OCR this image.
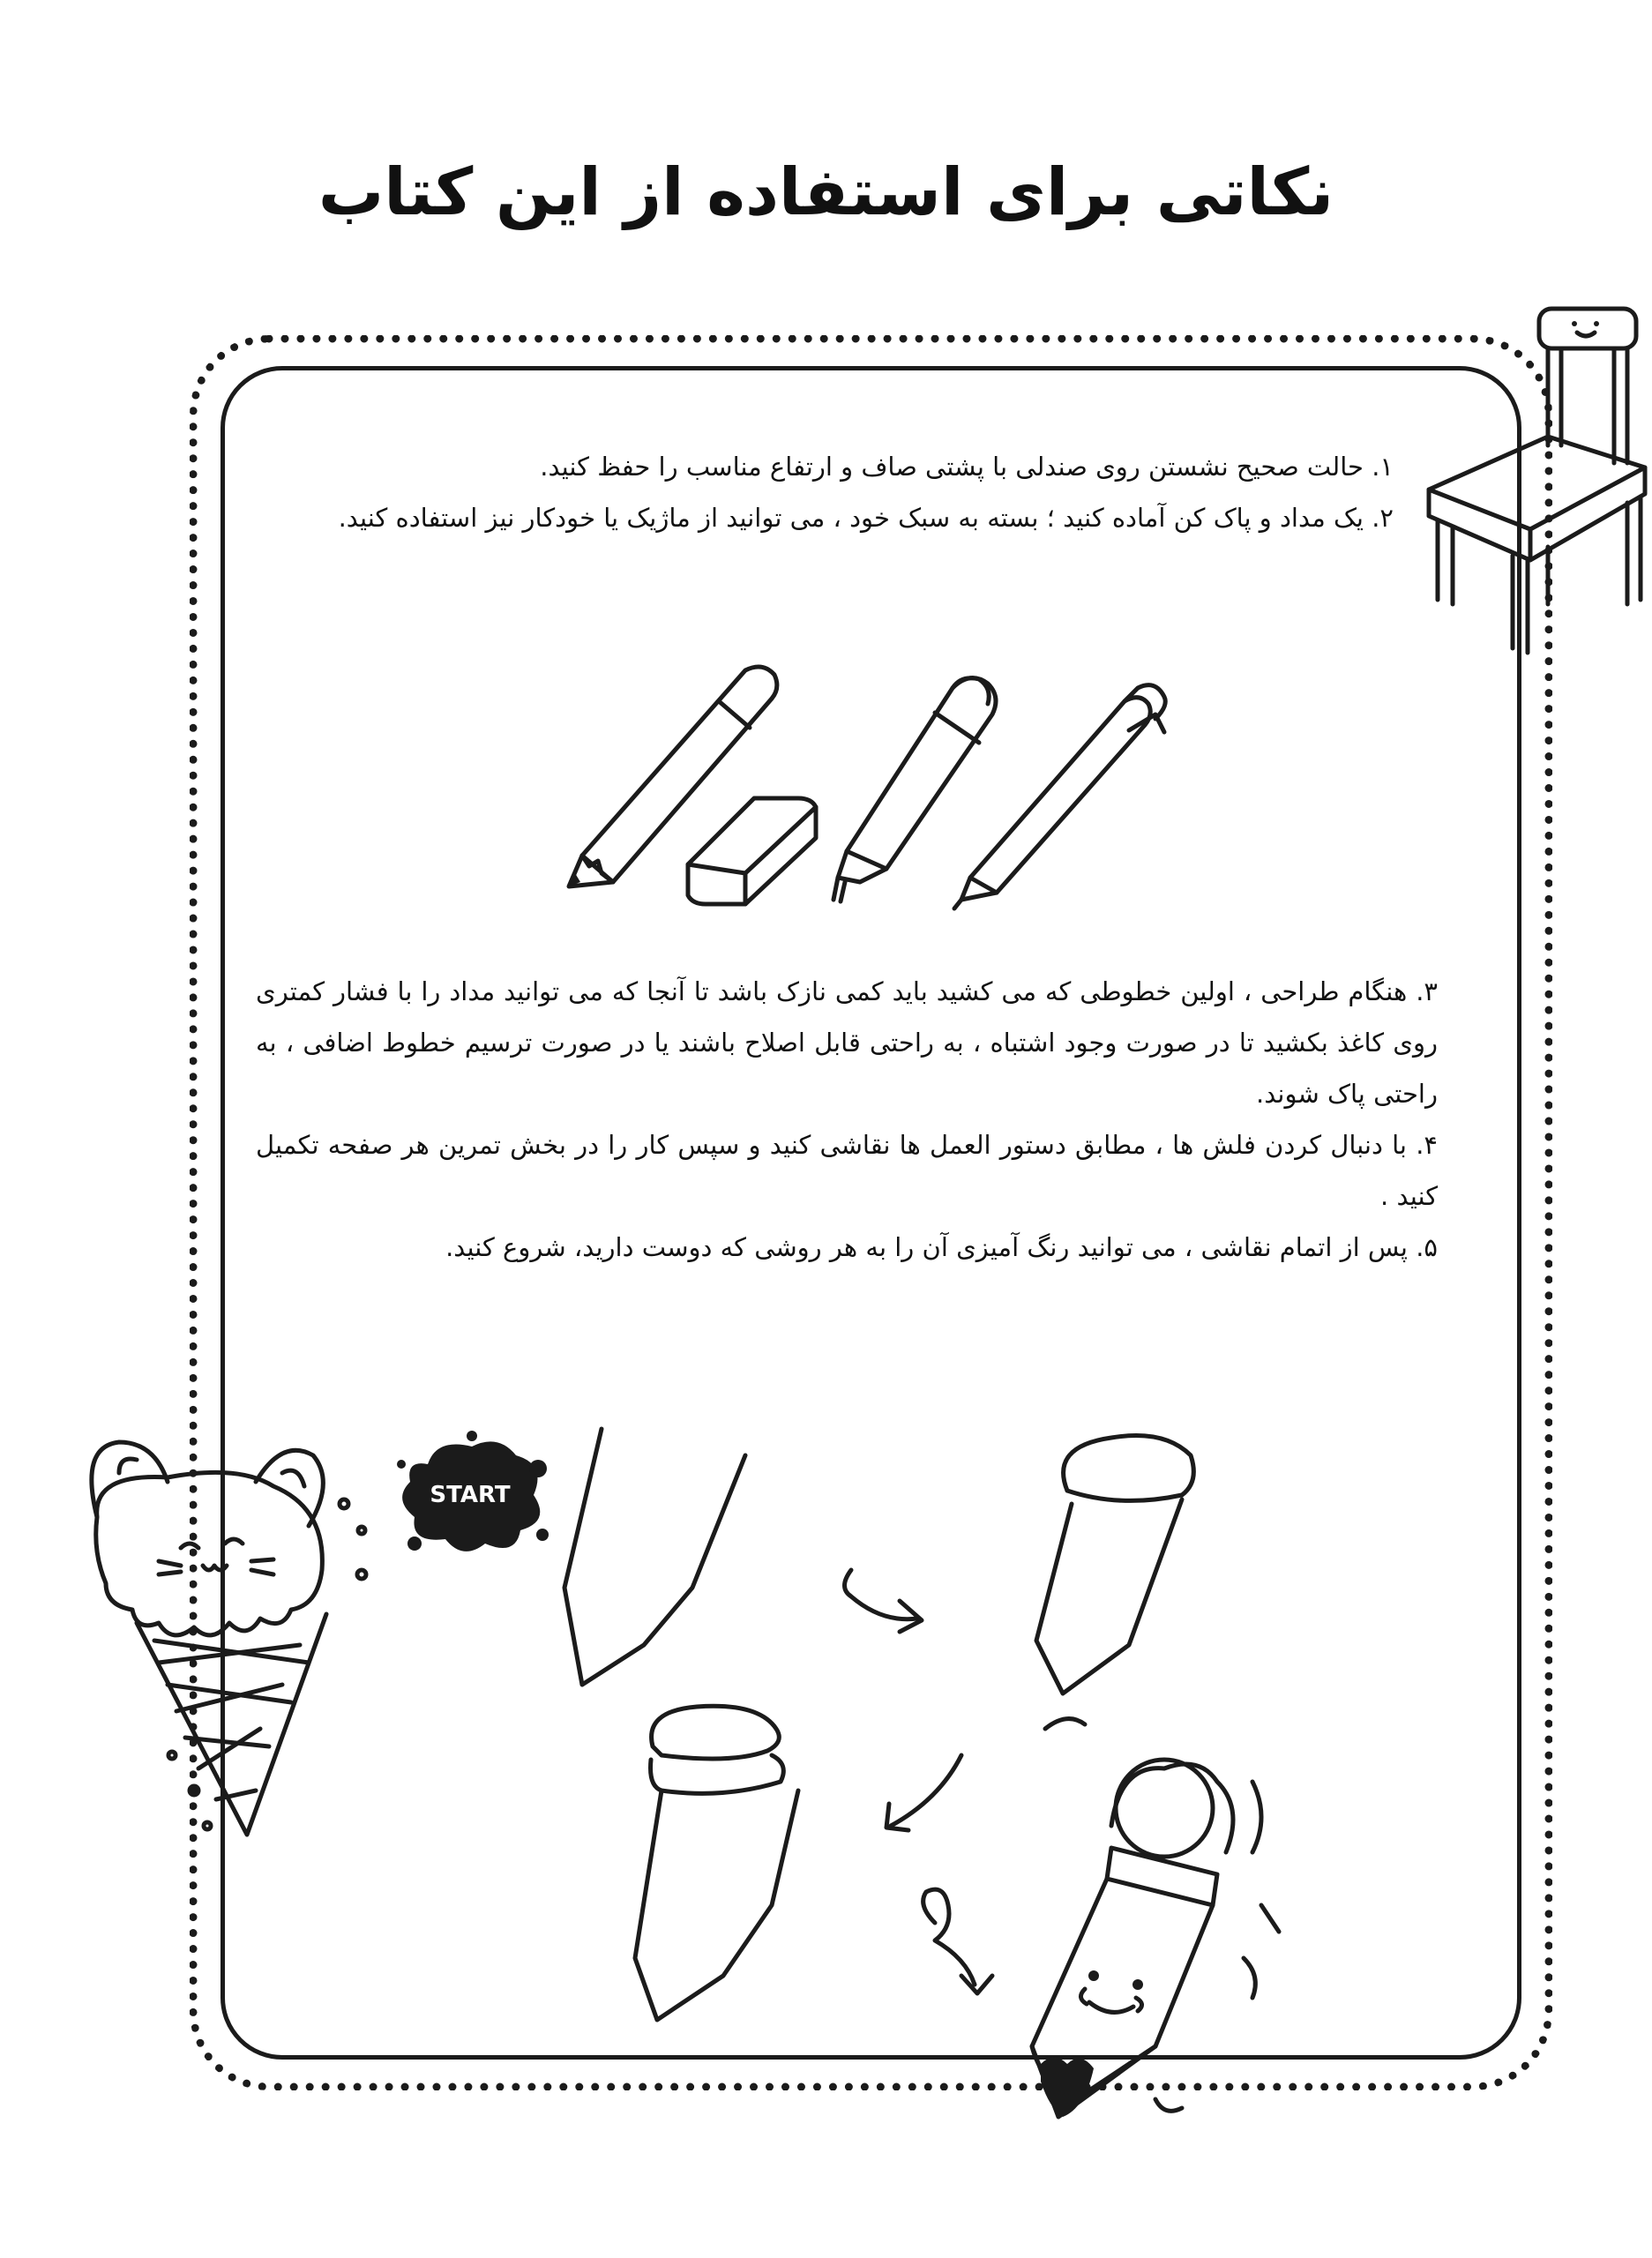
نکاتی برای استفاده از این کتاب

۱. حالت صحیح نشستن روی صندلی با پشتی صاف و ارتفاع مناسب را حفظ کنید.

۲. یک مداد و پاک کن آماده کنید ؛ بسته به سبک خود ، می توانید از ماژیک یا خودکار نیز استفاده کنید.

۳. هنگام طراحی ، اولین خطوطی که می کشید باید کمی نازک باشد تا آنجا که می توانید مداد را با فشار کمتری روی کاغذ بکشید تا در صورت وجود اشتباه ، به راحتی قابل اصلاح باشند یا در صورت ترسیم خطوط اضافی ، به راحتی پاک شوند.

۴. با دنبال کردن فلش ها ، مطابق دستور العمل ها نقاشی کنید و سپس کار را در بخش تمرین هر صفحه تکمیل کنید .

۵. پس از اتمام نقاشی ، می توانید رنگ آمیزی آن را به هر روشی که دوست دارید، شروع کنید.

START
